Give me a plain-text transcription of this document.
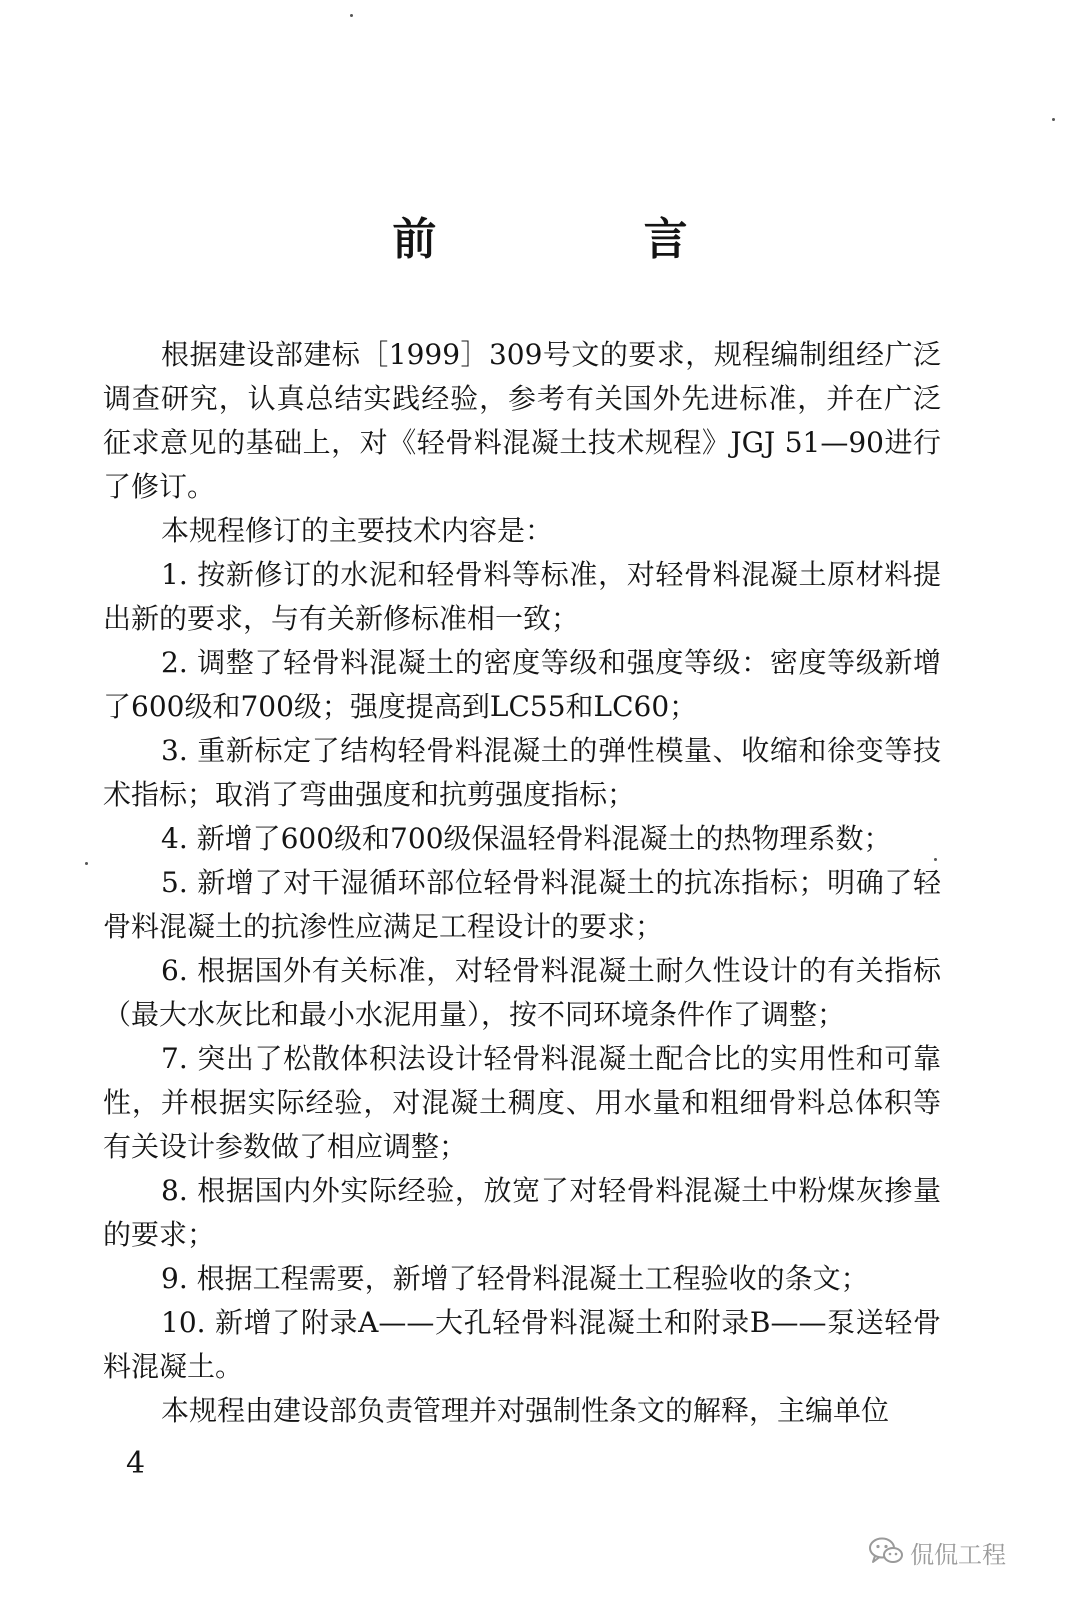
前 言

根据建设部建标［1999］309号文的要求，规程编制组经广泛调查研究，认真总结实践经验，参考有关国外先进标准，并在广泛征求意见的基础上，对《轻骨料混凝土技术规程》JGJ 51—90进行了修订。

本规程修订的主要技术内容是：

1. 按新修订的水泥和轻骨料等标准，对轻骨料混凝土原材料提出新的要求，与有关新修标准相一致；

2. 调整了轻骨料混凝土的密度等级和强度等级：密度等级新增了600级和700级；强度提高到LC55和LC60；

3. 重新标定了结构轻骨料混凝土的弹性模量、收缩和徐变等技术指标；取消了弯曲强度和抗剪强度指标；

4. 新增了600级和700级保温轻骨料混凝土的热物理系数；

5. 新增了对干湿循环部位轻骨料混凝土的抗冻指标；明确了轻骨料混凝土的抗渗性应满足工程设计的要求；

6. 根据国外有关标准，对轻骨料混凝土耐久性设计的有关指标（最大水灰比和最小水泥用量），按不同环境条件作了调整；

7. 突出了松散体积法设计轻骨料混凝土配合比的实用性和可靠性，并根据实际经验，对混凝土稠度、用水量和粗细骨料总体积等有关设计参数做了相应调整；

8. 根据国内外实际经验，放宽了对轻骨料混凝土中粉煤灰掺量的要求；

9. 根据工程需要，新增了轻骨料混凝土工程验收的条文；

10. 新增了附录A——大孔轻骨料混凝土和附录B——泵送轻骨料混凝土。

本规程由建设部负责管理并对强制性条文的解释，主编单位

4
侃侃工程
